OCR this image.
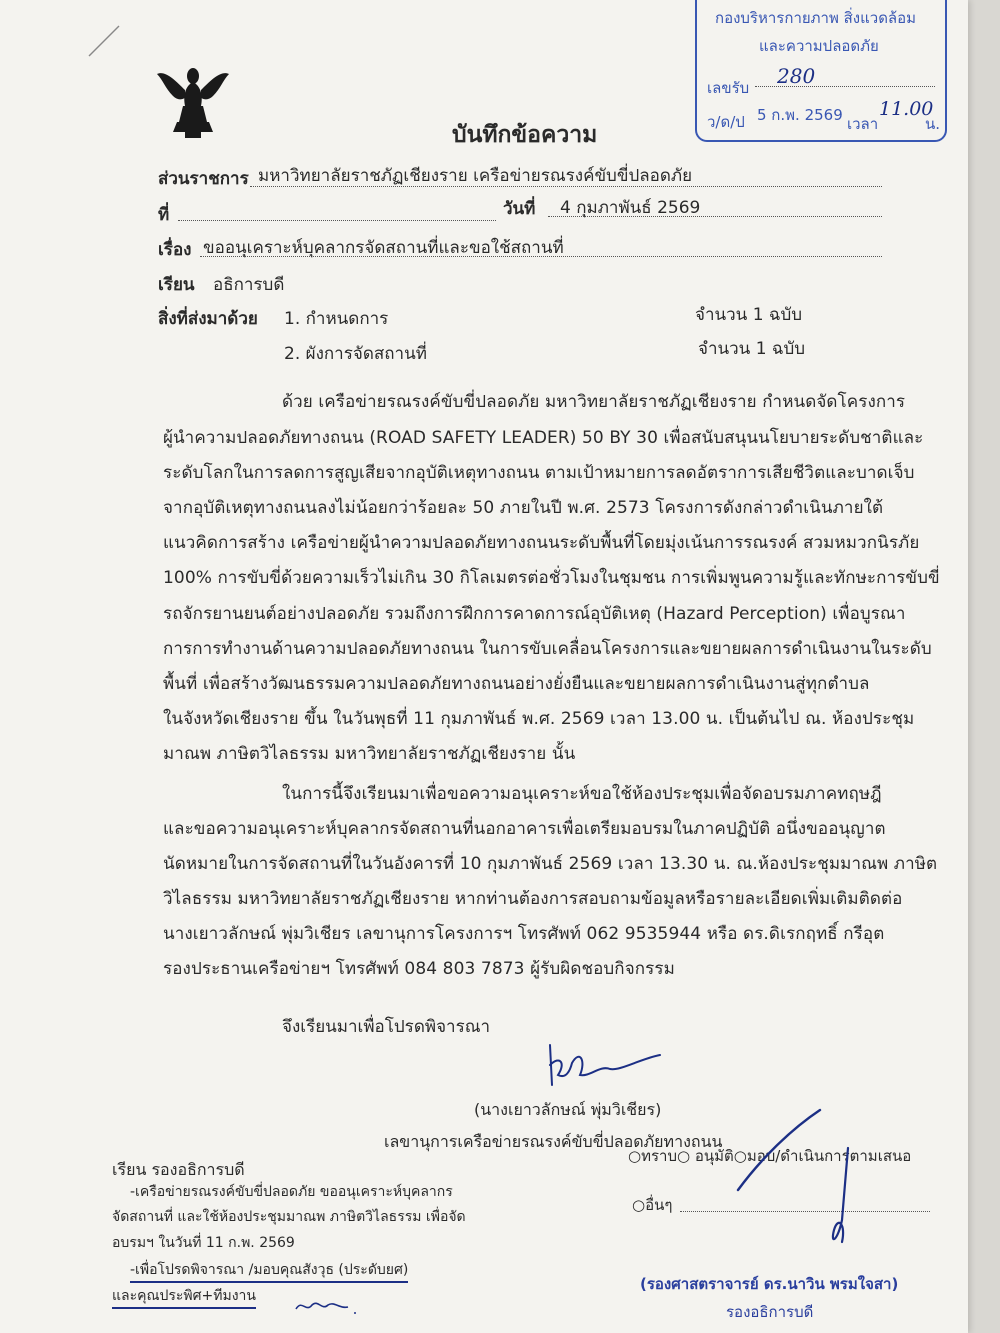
กองบริหารกายภาพ สิ่งแวดล้อม
และความปลอดภัย
เลขรับ 280
ว/ด/ป 5 ก.พ. 2569 เวลา
11.00
น.
บันทึกข้อความ
ส่วนราชการ มหาวิทยาลัยราชภัฏเชียงราย เครือข่ายรณรงค์ขับขี่ปลอดภัย
ที่	วันที่ 4 กุมภาพันธ์ 2569
เรื่อง ขออนุเคราะห์บุคลากรจัดสถานที่และขอใช้สถานที่
เรียน อธิการบดี
สิ่งที่ส่งมาด้วย 1. กำหนดการ	จำนวน 1 ฉบับ
2. ผังการจัดสถานที่	จำนวน 1 ฉบับ
ด้วย เครือข่ายรณรงค์ขับขี่ปลอดภัย มหาวิทยาลัยราชภัฏเชียงราย กำหนดจัดโครงการ
ผู้นำความปลอดภัยทางถนน (ROAD SAFETY LEADER) 50 BY 30 เพื่อสนับสนุนนโยบายระดับชาติและ
ระดับโลกในการลดการสูญเสียจากอุบัติเหตุทางถนน ตามเป้าหมายการลดอัตราการเสียชีวิตและบาดเจ็บ
จากอุบัติเหตุทางถนนลงไม่น้อยกว่าร้อยละ 50 ภายในปี พ.ศ. 2573 โครงการดังกล่าวดำเนินภายใต้
แนวคิดการสร้าง เครือข่ายผู้นำความปลอดภัยทางถนนระดับพื้นที่โดยมุ่งเน้นการรณรงค์ สวมหมวกนิรภัย
100% การขับขี่ด้วยความเร็วไม่เกิน 30 กิโลเมตรต่อชั่วโมงในชุมชน การเพิ่มพูนความรู้และทักษะการขับขี่
รถจักรยานยนต์อย่างปลอดภัย รวมถึงการฝึกการคาดการณ์อุบัติเหตุ (Hazard Perception) เพื่อบูรณา
การการทำงานด้านความปลอดภัยทางถนน ในการขับเคลื่อนโครงการและขยายผลการดำเนินงานในระดับ
พื้นที่ เพื่อสร้างวัฒนธรรมความปลอดภัยทางถนนอย่างยั่งยืนและขยายผลการดำเนินงานสู่ทุกตำบล
ในจังหวัดเชียงราย ขึ้น ในวันพุธที่ 11 กุมภาพันธ์ พ.ศ. 2569 เวลา 13.00 น. เป็นต้นไป ณ. ห้องประชุม
มาณพ ภาษิตวิไลธรรม มหาวิทยาลัยราชภัฏเชียงราย นั้น
ในการนี้จึงเรียนมาเพื่อขอความอนุเคราะห์ขอใช้ห้องประชุมเพื่อจัดอบรมภาคทฤษฎี
และขอความอนุเคราะห์บุคลากรจัดสถานที่นอกอาคารเพื่อเตรียมอบรมในภาคปฏิบัติ อนึ่งขออนุญาต
นัดหมายในการจัดสถานที่ในวันอังคารที่ 10 กุมภาพันธ์ 2569 เวลา 13.30 น. ณ.ห้องประชุมมาณพ ภาษิต
วิไลธรรม มหาวิทยาลัยราชภัฏเชียงราย หากท่านต้องการสอบถามข้อมูลหรือรายละเอียดเพิ่มเติมติดต่อ
นางเยาวลักษณ์ พุ่มวิเชียร เลขานุการโครงการฯ โทรศัพท์ 062 9535944 หรือ ดร.ดิเรกฤทธิ์ กรีอุต
รองประธานเครือข่ายฯ โทรศัพท์ 084 803 7873 ผู้รับผิดชอบกิจกรรม
จึงเรียนมาเพื่อโปรดพิจารณา
(นางเยาวลักษณ์ พุ่มวิเชียร)
เลขานุการเครือข่ายรณรงค์ขับขี่ปลอดภัยทางถนน
เรียน รองอธิการบดี
-เครือข่ายรณรงค์ขับขี่ปลอดภัย ขออนุเคราะห์บุคลากร
จัดสถานที่ และใช้ห้องประชุมมาณพ ภาษิตวิไลธรรม เพื่อจัด
อบรมฯ ในวันที่ 11 ก.พ. 2569
-เพื่อโปรดพิจารณา /มอบคุณสังวุธ (ประดับยศ)
และคุณประพิศ+ทีมงาน
○ทราบ○ อนุมัติ○มอบ/ดำเนินการตามเสนอ
○อื่นๆ
(รองศาสตราจารย์ ดร.นาวิน พรมใจสา)
รองอธิการบดี
